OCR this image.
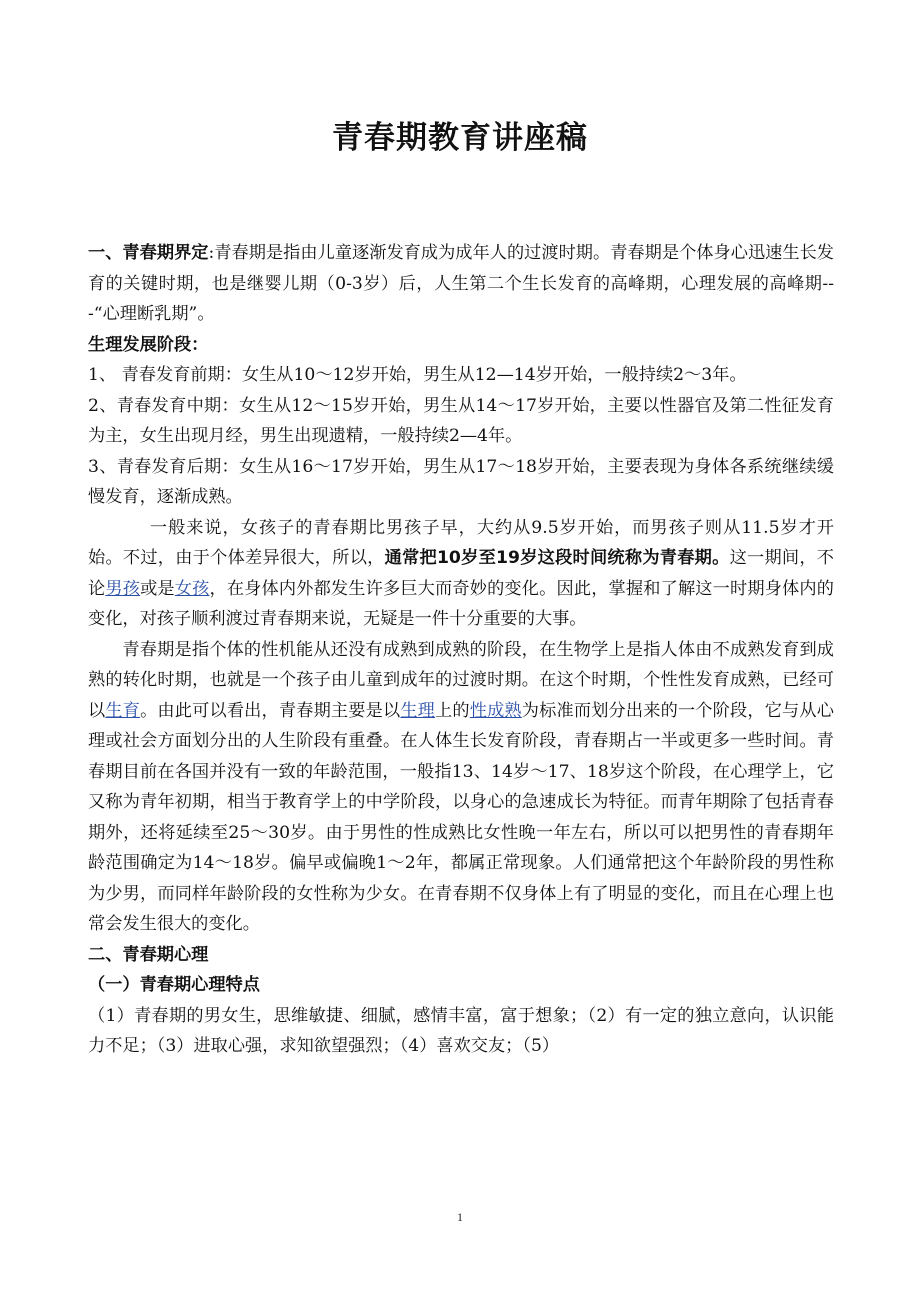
青春期教育讲座稿

一、青春期界定:青春期是指由儿童逐渐发育成为成年人的过渡时期。青春期是个体身心迅速生长发育的关键时期，也是继婴儿期（0-3岁）后，人生第二个生长发育的高峰期，心理发展的高峰期---“心理断乳期”。

生理发展阶段：

1、 青春发育前期：女生从10～12岁开始，男生从12—14岁开始，一般持续2～3年。

2、青春发育中期：女生从12～15岁开始，男生从14～17岁开始，主要以性器官及第二性征发育为主，女生出现月经，男生出现遗精，一般持续2—4年。

3、青春发育后期：女生从16～17岁开始，男生从17～18岁开始，主要表现为身体各系统继续缓慢发育，逐渐成熟。

一般来说，女孩子的青春期比男孩子早，大约从9.5岁开始，而男孩子则从11.5岁才开始。不过，由于个体差异很大，所以，通常把10岁至19岁这段时间统称为青春期。这一期间，不论男孩或是女孩，在身体内外都发生许多巨大而奇妙的变化。因此，掌握和了解这一时期身体内的变化，对孩子顺利渡过青春期来说，无疑是一件十分重要的大事。

青春期是指个体的性机能从还没有成熟到成熟的阶段，在生物学上是指人体由不成熟发育到成熟的转化时期，也就是一个孩子由儿童到成年的过渡时期。在这个时期，个性性发育成熟，已经可以生育。由此可以看出，青春期主要是以生理上的性成熟为标准而划分出来的一个阶段，它与从心理或社会方面划分出的人生阶段有重叠。在人体生长发育阶段，青春期占一半或更多一些时间。青春期目前在各国并没有一致的年龄范围，一般指13、14岁～17、18岁这个阶段，在心理学上，它又称为青年初期，相当于教育学上的中学阶段，以身心的急速成长为特征。而青年期除了包括青春期外，还将延续至25～30岁。由于男性的性成熟比女性晚一年左右，所以可以把男性的青春期年龄范围确定为14～18岁。偏早或偏晚1～2年，都属正常现象。人们通常把这个年龄阶段的男性称为少男，而同样年龄阶段的女性称为少女。在青春期不仅身体上有了明显的变化，而且在心理上也常会发生很大的变化。

二、青春期心理

（一）青春期心理特点

（1）青春期的男女生，思维敏捷、细腻，感情丰富，富于想象；（2）有一定的独立意向，认识能力不足；（3）进取心强，求知欲望强烈；（4）喜欢交友；（5）

1
